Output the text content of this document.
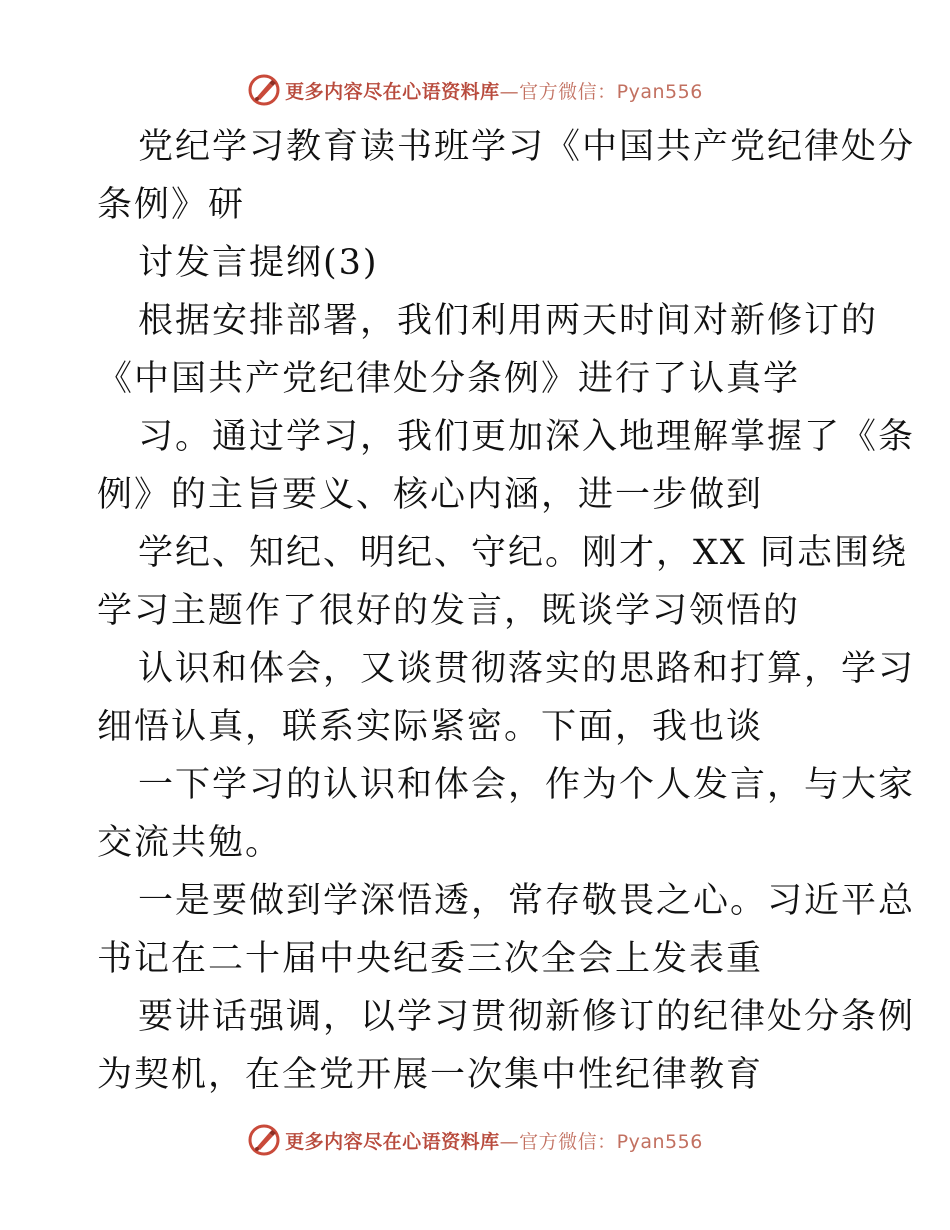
更多内容尽在心语资料库—官方微信：Pyan556
党纪学习教育读书班学习《中国共产党纪律处分
条例》研
讨发言提纲(3)
根据安排部署，我们利用两天时间对新修订的
《中国共产党纪律处分条例》进行了认真学
习。通过学习，我们更加深入地理解掌握了《条
例》的主旨要义、核心内涵，进一步做到
学纪、知纪、明纪、守纪。刚才，XX 同志围绕
学习主题作了很好的发言，既谈学习领悟的
认识和体会，又谈贯彻落实的思路和打算，学习
细悟认真，联系实际紧密。下面，我也谈
一下学习的认识和体会，作为个人发言，与大家
交流共勉。
一是要做到学深悟透，常存敬畏之心。习近平总
书记在二十届中央纪委三次全会上发表重
要讲话强调，以学习贯彻新修订的纪律处分条例
为契机，在全党开展一次集中性纪律教育
更多内容尽在心语资料库—官方微信：Pyan556
